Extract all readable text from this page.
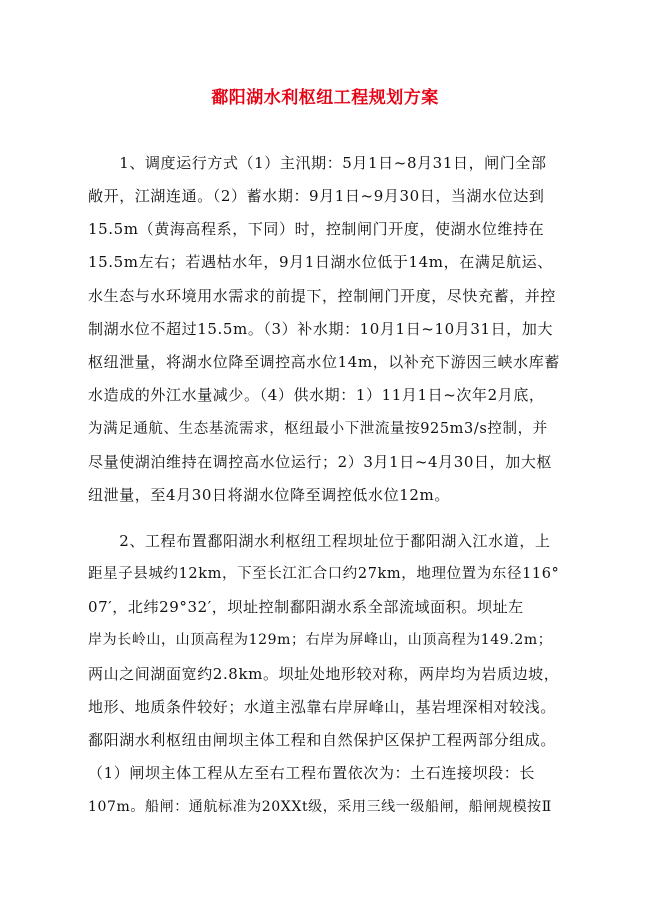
鄱阳湖水利枢纽工程规划方案
　　1、调度运行方式（1）主汛期：5月1日~8月31日，闸门全部
敞开，江湖连通。（2）蓄水期：9月1日~9月30日，当湖水位达到
15.5m（黄海高程系，下同）时，控制闸门开度，使湖水位维持在
15.5m左右；若遇枯水年，9月1日湖水位低于14m，在满足航运、
水生态与水环境用水需求的前提下，控制闸门开度，尽快充蓄，并控
制湖水位不超过15.5m。（3）补水期：10月1日~10月31日，加大
枢纽泄量，将湖水位降至调控高水位14m，以补充下游因三峡水库蓄
水造成的外江水量减少。（4）供水期：1）11月1日~次年2月底，
为满足通航、生态基流需求，枢纽最小下泄流量按925m3/s控制，并
尽量使湖泊维持在调控高水位运行；2）3月1日~4月30日，加大枢
纽泄量，至4月30日将湖水位降至调控低水位12m。
　　2、工程布置鄱阳湖水利枢纽工程坝址位于鄱阳湖入江水道，上
距星子县城约12km，下至长江汇合口约27km，地理位置为东径116°
07′，北纬29°32′，坝址控制鄱阳湖水系全部流域面积。坝址左
岸为长岭山，山顶高程为129m；右岸为屏峰山，山顶高程为149.2m；
两山之间湖面宽约2.8km。坝址处地形较对称，两岸均为岩质边坡，
地形、地质条件较好；水道主泓靠右岸屏峰山，基岩埋深相对较浅。
鄱阳湖水利枢纽由闸坝主体工程和自然保护区保护工程两部分组成。
（1）闸坝主体工程从左至右工程布置依次为：土石连接坝段：长
107m。船闸：通航标准为20XXt级，采用三线一级船闸，船闸规模按Ⅱ
